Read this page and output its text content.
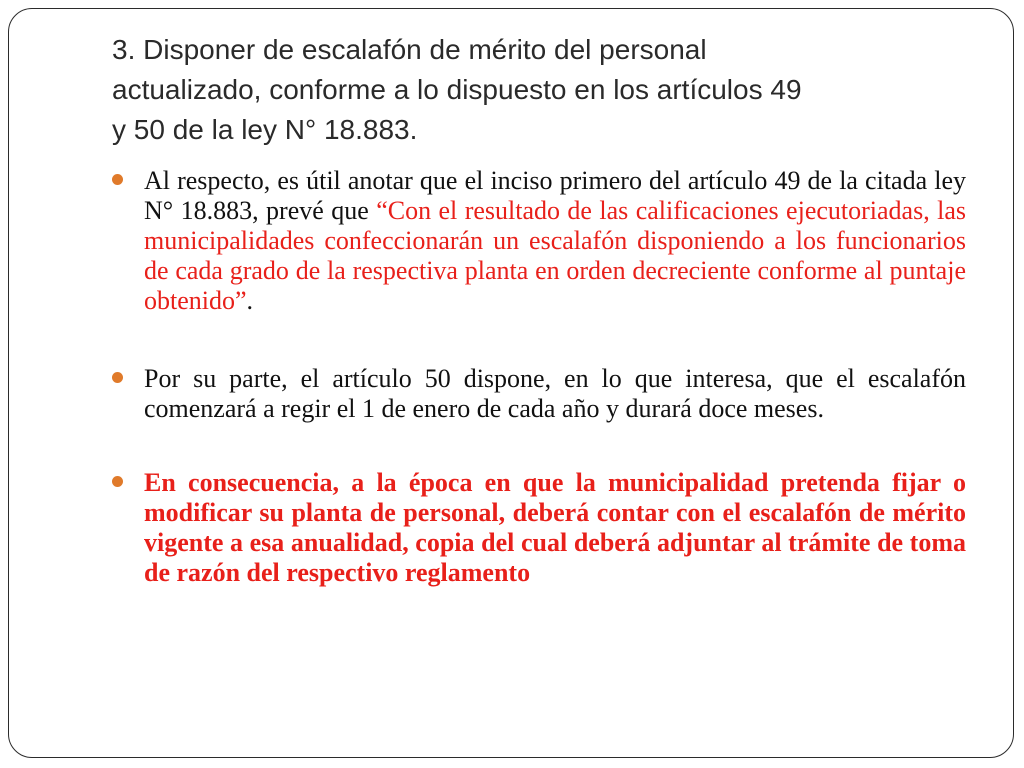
3. Disponer de escalafón de mérito del personal
actualizado, conforme a lo dispuesto en los artículos 49
y 50 de la ley N° 18.883.
Al respecto, es útil anotar que el inciso primero del artículo 49 de la citada ley N° 18.883, prevé que “Con el resultado de las calificaciones ejecutoriadas, las municipalidades confeccionarán un escalafón disponiendo a los funcionarios de cada grado de la respectiva planta en orden decreciente conforme al puntaje obtenido”.
Por su parte, el artículo 50 dispone, en lo que interesa, que el escalafón comenzará a regir el 1 de enero de cada año y durará doce meses.
En consecuencia, a la época en que la municipalidad pretenda fijar o modificar su planta de personal, deberá contar con el escalafón de mérito vigente a esa anualidad, copia del cual deberá adjuntar al trámite de toma de razón del respectivo reglamento
